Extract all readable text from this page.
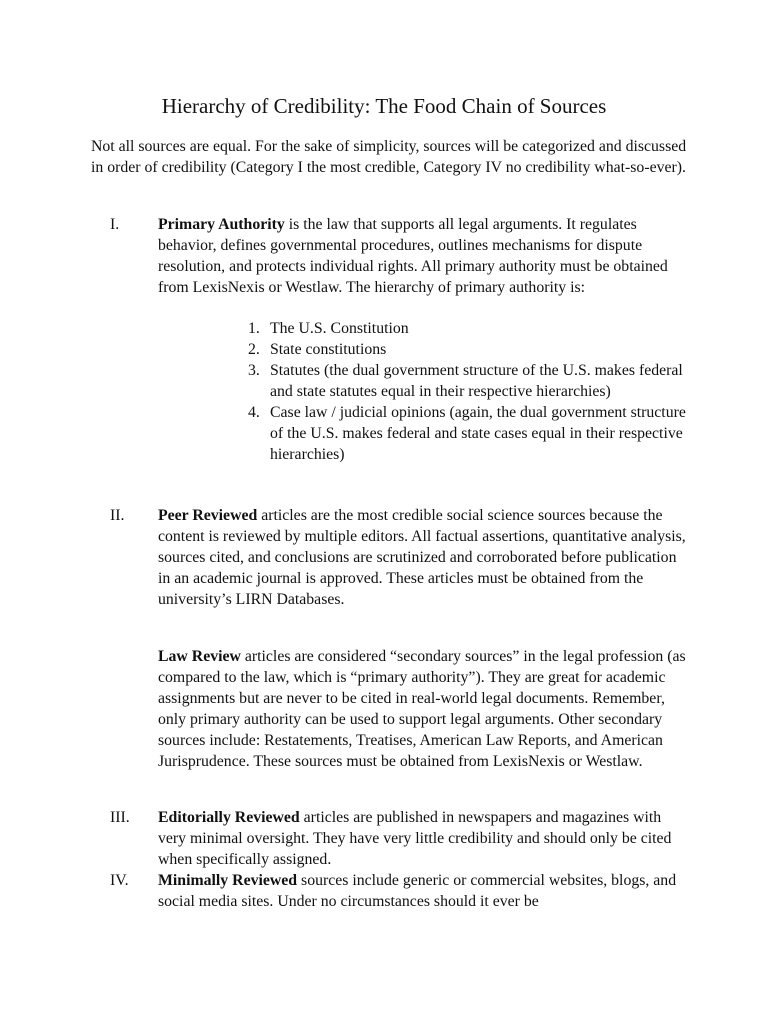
Hierarchy of Credibility: The Food Chain of Sources

Not all sources are equal. For the sake of simplicity, sources will be categorized and discussed in order of credibility (Category I the most credible, Category IV no credibility what-so-ever).

I. Primary Authority is the law that supports all legal arguments. It regulates behavior, defines governmental procedures, outlines mechanisms for dispute resolution, and protects individual rights. All primary authority must be obtained from LexisNexis or Westlaw. The hierarchy of primary authority is:

1. The U.S. Constitution
2. State constitutions
3. Statutes (the dual government structure of the U.S. makes federal and state statutes equal in their respective hierarchies)
4. Case law / judicial opinions (again, the dual government structure of the U.S. makes federal and state cases equal in their respective hierarchies)
II. Peer Reviewed articles are the most credible social science sources because the content is reviewed by multiple editors. All factual assertions, quantitative analysis, sources cited, and conclusions are scrutinized and corroborated before publication in an academic journal is approved. These articles must be obtained from the university’s LIRN Databases.

Law Review articles are considered “secondary sources” in the legal profession (as compared to the law, which is “primary authority”). They are great for academic assignments but are never to be cited in real-world legal documents. Remember, only primary authority can be used to support legal arguments. Other secondary sources include: Restatements, Treatises, American Law Reports, and American Jurisprudence. These sources must be obtained from LexisNexis or Westlaw.

III. Editorially Reviewed articles are published in newspapers and magazines with very minimal oversight. They have very little credibility and should only be cited when specifically assigned.

IV. Minimally Reviewed sources include generic or commercial websites, blogs, and social media sites. Under no circumstances should it ever be
